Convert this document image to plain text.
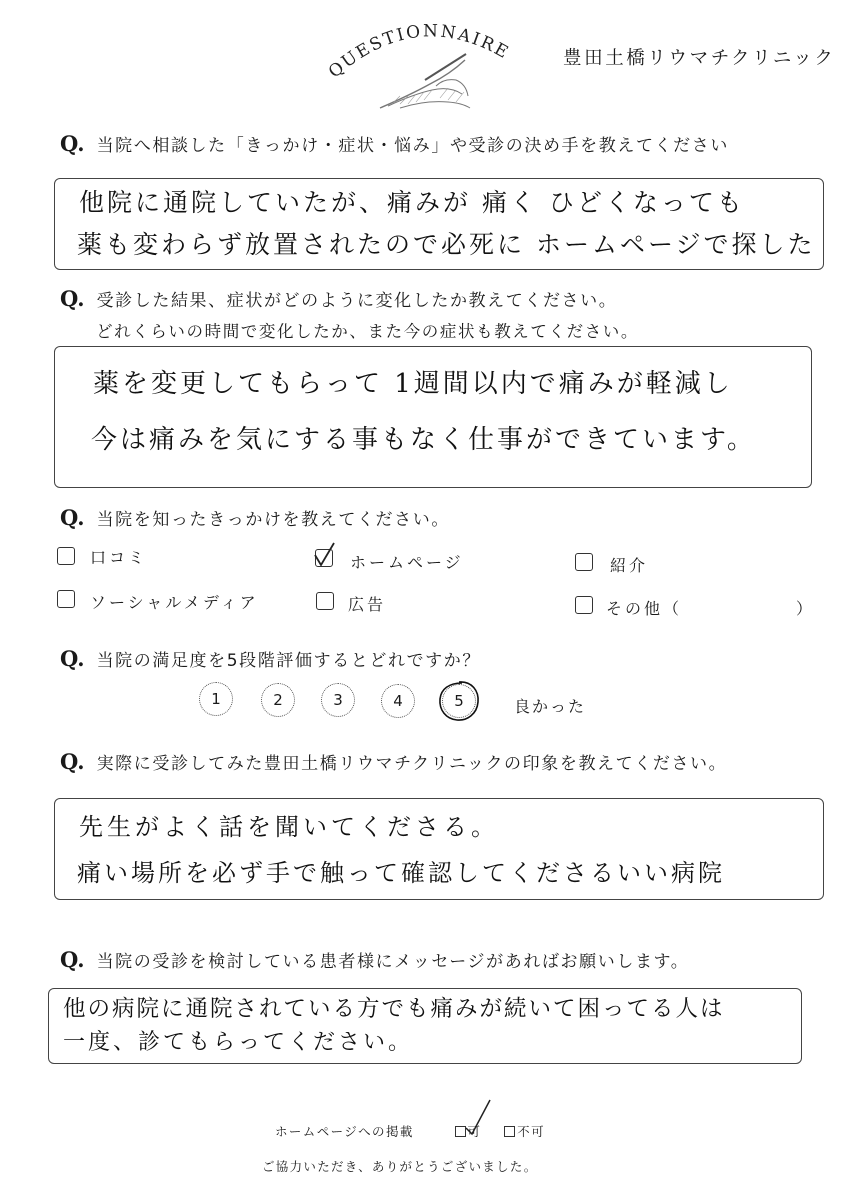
QUESTIONNAIRE	豊田土橋リウマチクリニック
Q. 当院へ相談した「きっかけ・症状・悩み」や受診の決め手を教えてください
他院に通院していたが、痛みが 痛く ひどくなっても
薬も変わらず放置されたので必死に ホームページで探した
Q. 受診した結果、症状がどのように変化したか教えてください。
どれくらいの時間で変化したか、また今の症状も教えてください。
薬を変更してもらって 1週間以内で痛みが軽減し
今は痛みを気にする事もなく仕事ができています。
Q. 当院を知ったきっかけを教えてください。
口コミ	ホームページ	紹介
ソーシャルメディア	広告	その他（	）
Q. 当院の満足度を5段階評価するとどれですか？
1	2	3	4	5	良かった
Q. 実際に受診してみた豊田土橋リウマチクリニックの印象を教えてください。
先生がよく話を聞いてくださる。
痛い場所を必ず手で触って確認してくださるいい病院
Q. 当院の受診を検討している患者様にメッセージがあればお願いします。
他の病院に通院されている方でも痛みが続いて困ってる人は
一度、診てもらってください。
ホームページへの掲載	可	不可
ご協力いただき、ありがとうございました。
